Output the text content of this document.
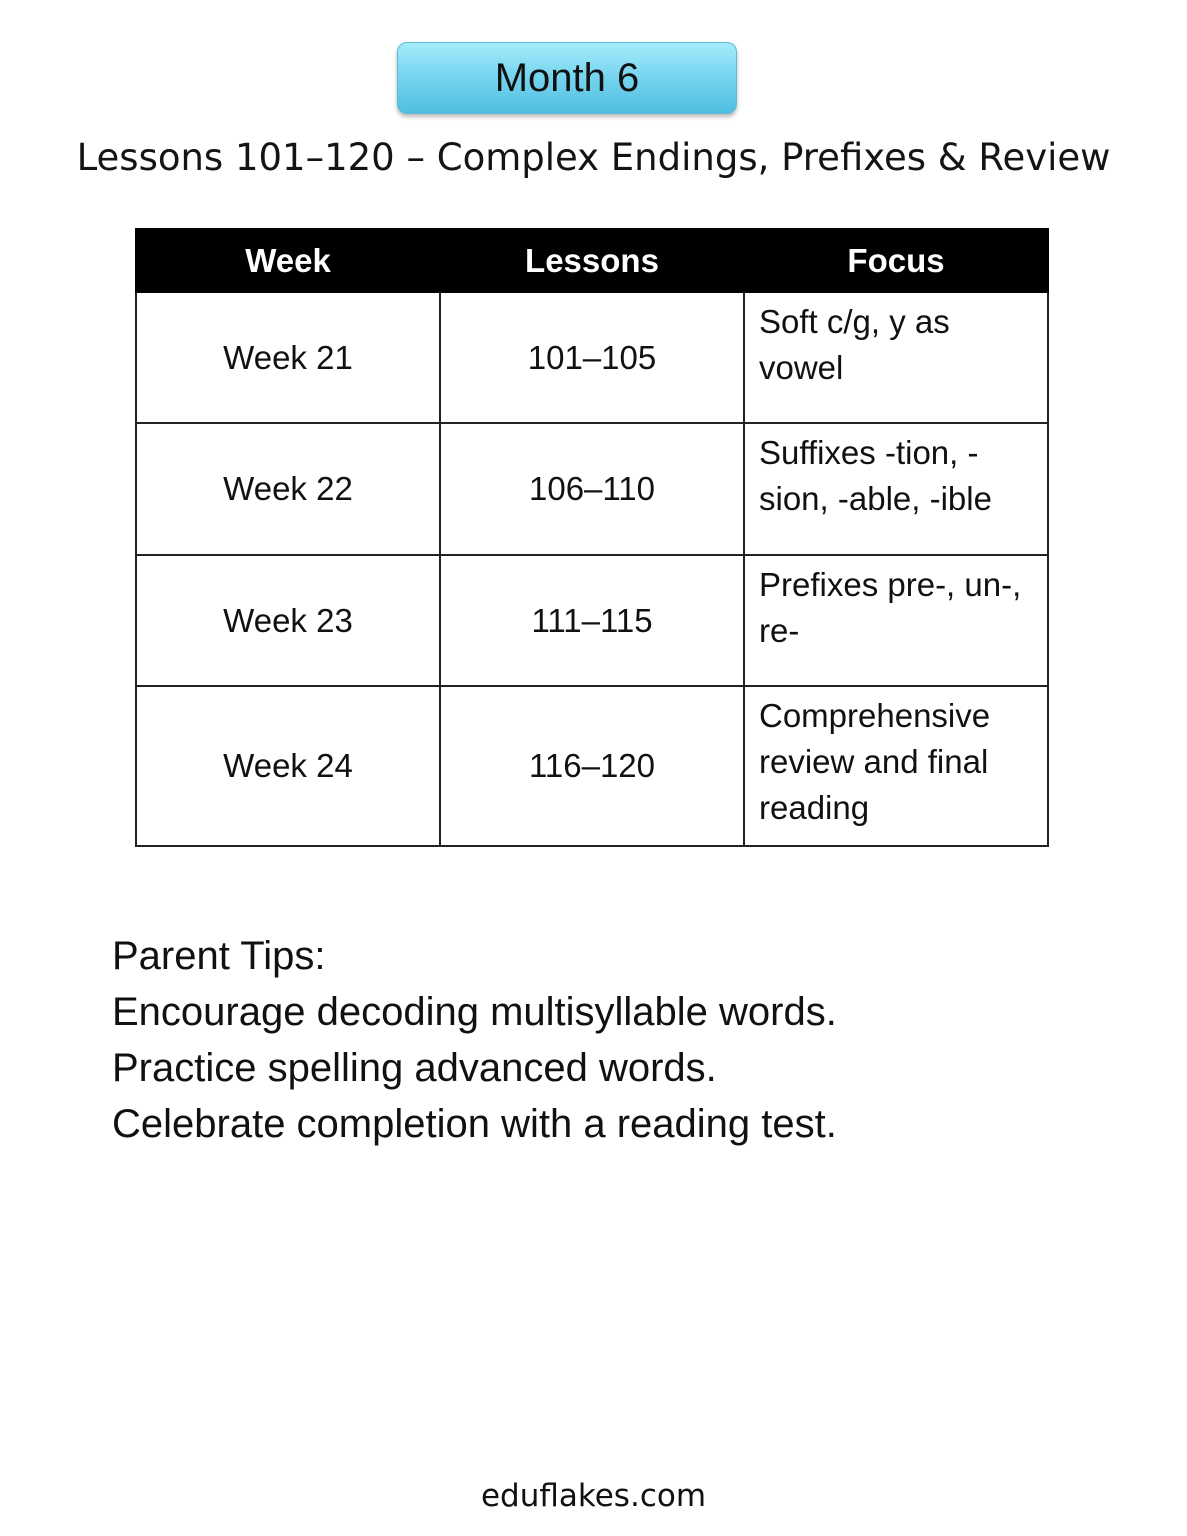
Month 6
Lessons 101–120 – Complex Endings, Prefixes & Review
Week	Lessons	Focus
Week 21	101–105	Soft c/g, y as vowel
Week 22	106–110	Suffixes -tion, -sion, -able, -ible
Week 23	111–115	Prefixes pre-, un-, re-
Week 24	116–120	Comprehensive review and final reading
Parent Tips:
Encourage decoding multisyllable words.
Practice spelling advanced words.
Celebrate completion with a reading test.
eduflakes.com
